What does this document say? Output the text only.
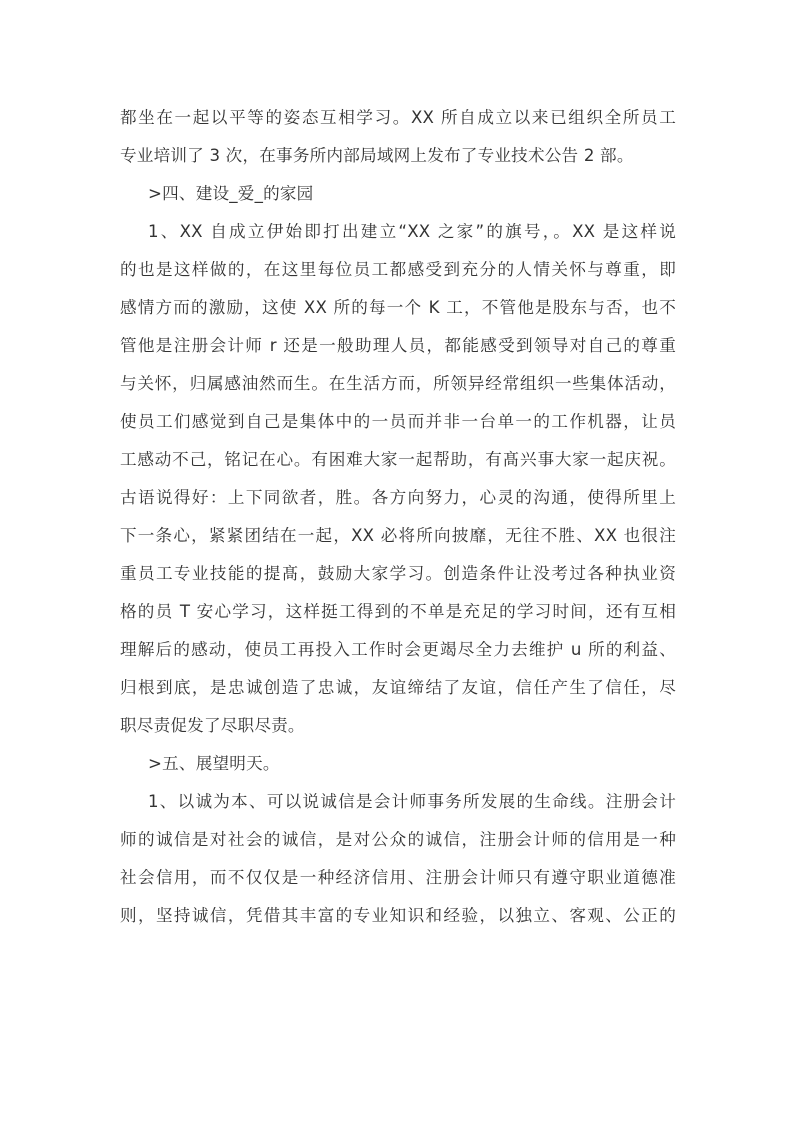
都坐在一起以平等的姿态互相学习。XX 所自成立以来已组织全所员工
专业培训了 3 次，在事务所内部局域网上发布了专业技术公告 2 部。
>四、建设_爱_的家园
1、XX 自成立伊始即打出建立“XX 之家”的旗号，。XX 是这样说
的也是这样做的，在这里每位员工都感受到充分的人情关怀与尊重，即
感情方而的激励，这使 XX 所的每一个 K 工，不管他是股东与否，也不
管他是注册会计师 r 还是一般助理人员，都能感受到领导对自己的尊重
与关怀，归属感油然而生。在生活方而，所领异经常组织一些集体活动，
使员工们感觉到自己是集体中的一员而并非一台单一的工作机器，让员
工感动不己，铭记在心。有困难大家一起帮助，有髙兴事大家一起庆祝。
古语说得好：上下同欲者，胜。各方向努力，心灵的沟通，使得所里上
下一条心，紧紧团结在一起，XX 必将所向披靡，无往不胜、XX 也很注
重员工专业技能的提髙，鼓励大家学习。创造条件让没考过各种执业资
格的员 T 安心学习，这样挺工得到的不单是充足的学习时间，还有互相
理解后的感动，使员工再投入工作时会更竭尽全力去维护 u 所的利益、
归根到底，是忠诚创造了忠诚，友谊缔结了友谊，信任产生了信任，尽
职尽责促发了尽职尽责。
>五、展望明天。
1、以诚为本、可以说诚信是会计师事务所发展的生命线。注册会计
师的诚信是对社会的诚信，是对公众的诚信，注册会计师的信用是一种
社会信用，而不仅仅是一种经济信用、注册会计师只有遵守职业道德准
则，坚持诚信，凭借其丰富的专业知识和经验，以独立、客观、公正的
